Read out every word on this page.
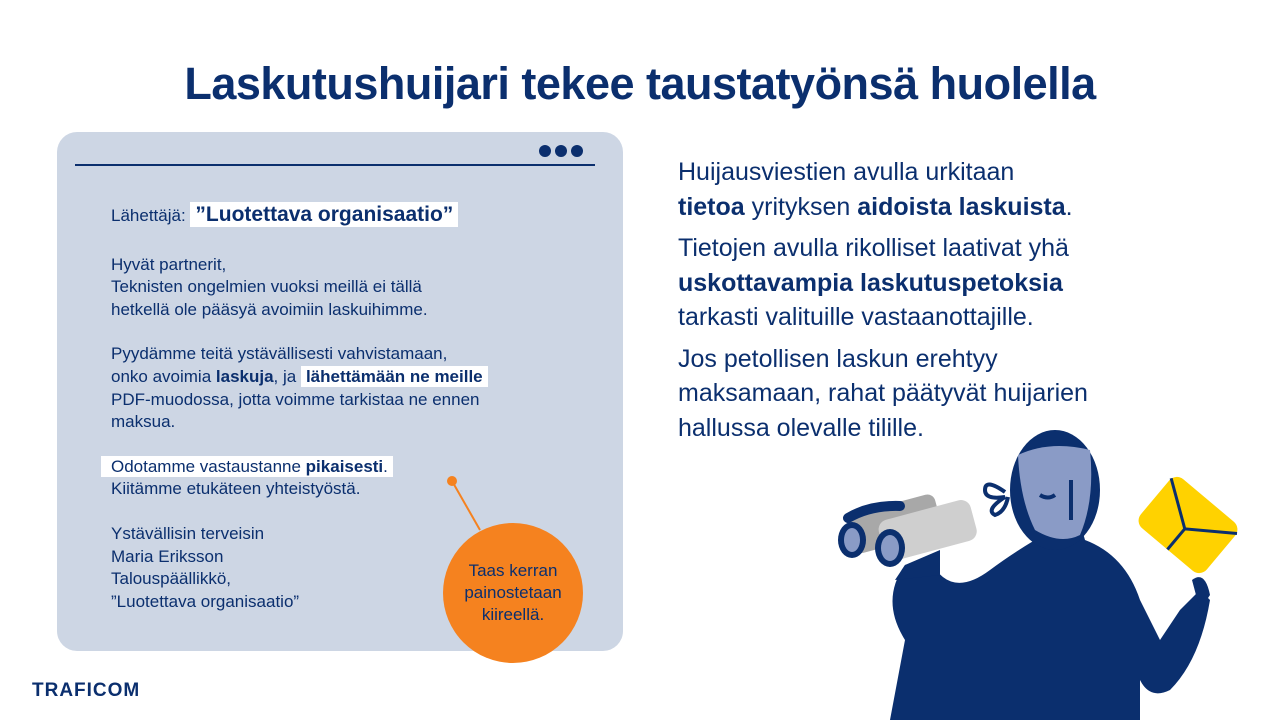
Laskutushuijari tekee taustatyönsä huolella

Lähettäjä: ”Luotettava organisaatio”

Hyvät partnerit,
Teknisten ongelmien vuoksi meillä ei tällä
hetkellä ole pääsyä avoimiin laskuihimme.

Pyydämme teitä ystävällisesti vahvistamaan,
onko avoimia laskuja, ja lähettämään ne meille
PDF-muodossa, jotta voimme tarkistaa ne ennen
maksua.

Odotamme vastaustanne pikaisesti.
Kiitämme etukäteen yhteistyöstä.

Ystävällisin terveisin
Maria Eriksson
Talouspäällikkö,
”Luotettava organisaatio”

Taas kerran
painostetaan
kiireellä.

Huijausviestien avulla urkitaan
tietoa yrityksen aidoista laskuista.

Tietojen avulla rikolliset laativat yhä
uskottavampia laskutuspetoksia
tarkasti valituille vastaanottajille.

Jos petollisen laskun erehtyy
maksamaan, rahat päätyvät huijarien
hallussa olevalle tilille.

TRAFICOM
